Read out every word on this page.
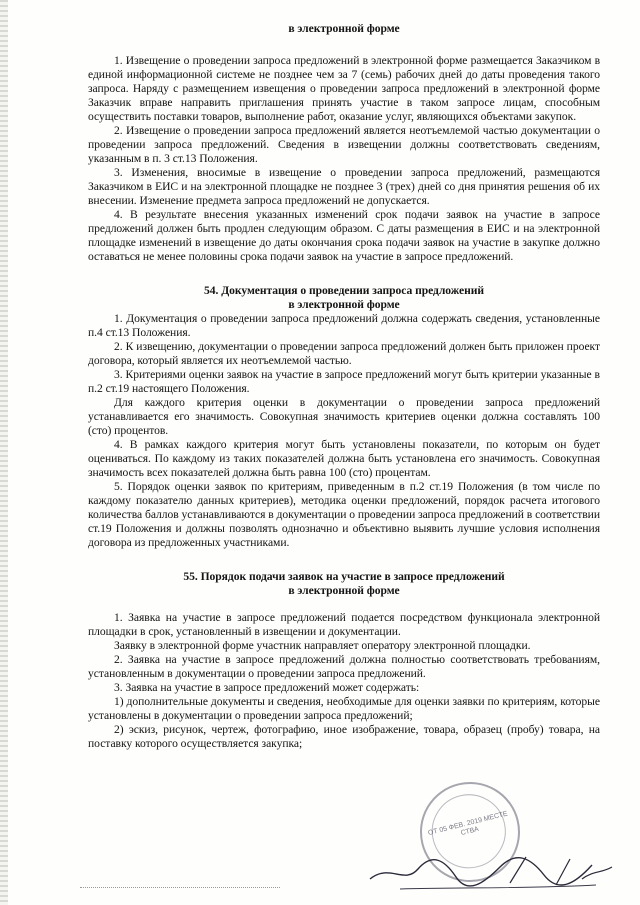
в электронной форме

1. Извещение о проведении запроса предложений в электронной форме размещается Заказчиком в единой информационной системе не позднее чем за 7 (семь) рабочих дней до даты проведения такого запроса. Наряду с размещением извещения о проведении запроса предложений в электронной форме Заказчик вправе направить приглашения принять участие в таком запросе лицам, способным осуществить поставки товаров, выполнение работ, оказание услуг, являющихся объектами закупок.

2. Извещение о проведении запроса предложений является неотъемлемой частью документации о проведении запроса предложений. Сведения в извещении должны соответствовать сведениям, указанным в п. 3 ст.13 Положения.

3. Изменения, вносимые в извещение о проведении запроса предложений, размещаются Заказчиком в ЕИС и на электронной площадке не позднее 3 (трех) дней со дня принятия решения об их внесении. Изменение предмета запроса предложений не допускается.

4. В результате внесения указанных изменений срок подачи заявок на участие в запросе предложений должен быть продлен следующим образом. С даты размещения в ЕИС и на электронной площадке изменений в извещение до даты окончания срока подачи заявок на участие в закупке должно оставаться не менее половины срока подачи заявок на участие в запросе предложений.

54. Документация о проведении запроса предложений

в электронной форме

1. Документация о проведении запроса предложений должна содержать сведения, установленные п.4 ст.13 Положения.

2. К извещению, документации о проведении запроса предложений должен быть приложен проект договора, который является их неотъемлемой частью.

3. Критериями оценки заявок на участие в запросе предложений могут быть критерии указанные в п.2 ст.19 настоящего Положения.

Для каждого критерия оценки в документации о проведении запроса предложений устанавливается его значимость. Совокупная значимость критериев оценки должна составлять 100 (сто) процентов.

4. В рамках каждого критерия могут быть установлены показатели, по которым он будет оцениваться. По каждому из таких показателей должна быть установлена его значимость. Совокупная значимость всех показателей должна быть равна 100 (сто) процентам.

5. Порядок оценки заявок по критериям, приведенным в п.2 ст.19 Положения (в том числе по каждому показателю данных критериев), методика оценки предложений, порядок расчета итогового количества баллов устанавливаются в документации о проведении запроса предложений в соответствии ст.19 Положения и должны позволять однозначно и объективно выявить лучшие условия исполнения договора из предложенных участниками.

55. Порядок подачи заявок на участие в запросе предложений

в электронной форме

1. Заявка на участие в запросе предложений подается посредством функционала электронной площадки в срок, установленный в извещении и документации.

Заявку в электронной форме участник направляет оператору электронной площадки.

2. Заявка на участие в запросе предложений должна полностью соответствовать требованиям, установленным в документации о проведении запроса предложений.

3. Заявка на участие в запросе предложений может содержать:

1) дополнительные документы и сведения, необходимые для оценки заявки по критериям, которые установлены в документации о проведении запроса предложений;

2) эскиз, рисунок, чертеж, фотографию, иное изображение, товара, образец (пробу) товара, на поставку которого осуществляется закупка;

ОТ 05 ФЕВ. 2019 МЕСТЕ СТВА
